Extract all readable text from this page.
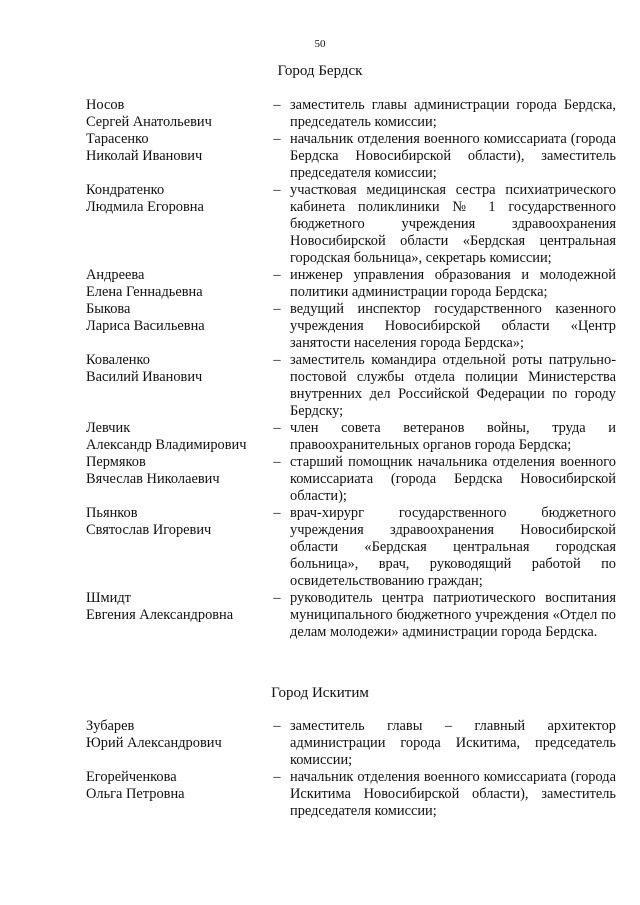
50
Город Бердск
Носов
Сергей Анатольевич
– заместитель главы администрации города Бердска, председатель комиссии;
Тарасенко
Николай Иванович
– начальник отделения военного комиссариата (города Бердска Новосибирской области), заместитель председателя комиссии;
Кондратенко
Людмила Егоровна
– участковая медицинская сестра психиатрического кабинета поликлиники № 1 государственного бюджетного учреждения здравоохранения Новосибирской области «Бердская центральная городская больница», секретарь комиссии;
Андреева
Елена Геннадьевна
– инженер управления образования и молодежной политики администрации города Бердска;
Быкова
Лариса Васильевна
– ведущий инспектор государственного казенного учреждения Новосибирской области «Центр занятости населения города Бердска»;
Коваленко
Василий Иванович
– заместитель командира отдельной роты патрульно-постовой службы отдела полиции Министерства внутренних дел Российской Федерации по городу Бердску;
Левчик
Александр Владимирович
– член совета ветеранов войны, труда и правоохранительных органов города Бердска;
Пермяков
Вячеслав Николаевич
– старший помощник начальника отделения военного комиссариата (города Бердска Новосибирской области);
Пьянков
Святослав Игоревич
– врач-хирург государственного бюджетного учреждения здравоохранения Новосибирской области «Бердская центральная городская больница», врач, руководящий работой по освидетельствованию граждан;
Шмидт
Евгения Александровна
– руководитель центра патриотического воспитания муниципального бюджетного учреждения «Отдел по делам молодежи» администрации города Бердска.
Город Искитим
Зубарев
Юрий Александрович
– заместитель главы – главный архитектор администрации города Искитима, председатель комиссии;
Егорейченкова
Ольга Петровна
– начальник отделения военного комиссариата (города Искитима Новосибирской области), заместитель председателя комиссии;
